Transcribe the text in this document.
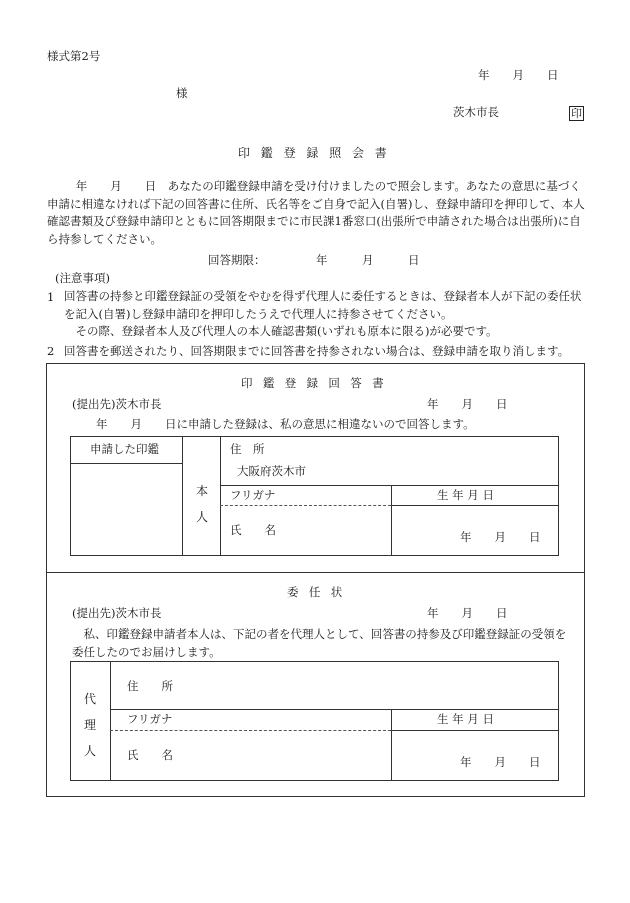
様式第2号
年　　月　　日
様
茨木市長	印
印鑑登録照会書
　年　　月　　日　あなたの印鑑登録申請を受け付けましたので照会します。あなたの意思に基づく申請に相違なければ下記の回答書に住所、氏名等をご自身で記入(自署)し、登録申請印を押印して、本人確認書類及び登録申請印とともに回答期限までに市民課1番窓口(出張所で申請された場合は出張所)に自ら持参してください。
回答期限：	年　　　月　　　日
(注意事項)
1 回答書の持参と印鑑登録証の受領をやむを得ず代理人に委任するときは、登録者本人が下記の委任状を記入(自署)し登録申請印を押印したうえで代理人に持参させてください。
その際、登録者本人及び代理人の本人確認書類(いずれも原本に限る)が必要です。
2 回答書を郵送されたり、回答期限までに回答書を持参されない場合は、登録申請を取り消します。
印鑑登録回答書
(提出先)茨木市長	年　　月　　日
年　　月　　日に申請した登録は、私の意思に相違ないので回答します。
申請した印鑑
本人
住　所
大阪府茨木市
フリガナ	生 年 月 日
氏　　名	年　　月　　日
委任状
(提出先)茨木市長	年　　月　　日
私、印鑑登録申請者本人は、下記の者を代理人として、回答書の持参及び印鑑登録証の受領を委任したのでお届けします。
代理人
住　　所
フリガナ	生 年 月 日
氏　　名	年　　月　　日
